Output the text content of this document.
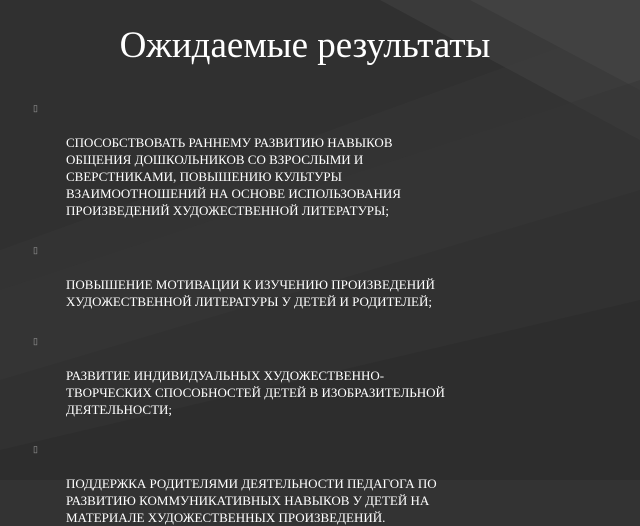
Ожидаемые результаты

▯

СПОСОБСТВОВАТЬ РАННЕМУ РАЗВИТИЮ НАВЫКОВ
ОБЩЕНИЯ ДОШКОЛЬНИКОВ СО ВЗРОСЛЫМИ И
СВЕРСТНИКАМИ, ПОВЫШЕНИЮ КУЛЬТУРЫ
ВЗАИМООТНОШЕНИЙ НА ОСНОВЕ ИСПОЛЬЗОВАНИЯ
ПРОИЗВЕДЕНИЙ ХУДОЖЕСТВЕННОЙ ЛИТЕРАТУРЫ;

▯

ПОВЫШЕНИЕ МОТИВАЦИИ К ИЗУЧЕНИЮ ПРОИЗВЕДЕНИЙ
ХУДОЖЕСТВЕННОЙ ЛИТЕРАТУРЫ У ДЕТЕЙ И РОДИТЕЛЕЙ;

▯

РАЗВИТИЕ ИНДИВИДУАЛЬНЫХ ХУДОЖЕСТВЕННО-
ТВОРЧЕСКИХ СПОСОБНОСТЕЙ ДЕТЕЙ В ИЗОБРАЗИТЕЛЬНОЙ
ДЕЯТЕЛЬНОСТИ;

▯

ПОДДЕРЖКА РОДИТЕЛЯМИ ДЕЯТЕЛЬНОСТИ ПЕДАГОГА ПО
РАЗВИТИЮ КОММУНИКАТИВНЫХ НАВЫКОВ У ДЕТЕЙ НА
МАТЕРИАЛЕ ХУДОЖЕСТВЕННЫХ ПРОИЗВЕДЕНИЙ.
